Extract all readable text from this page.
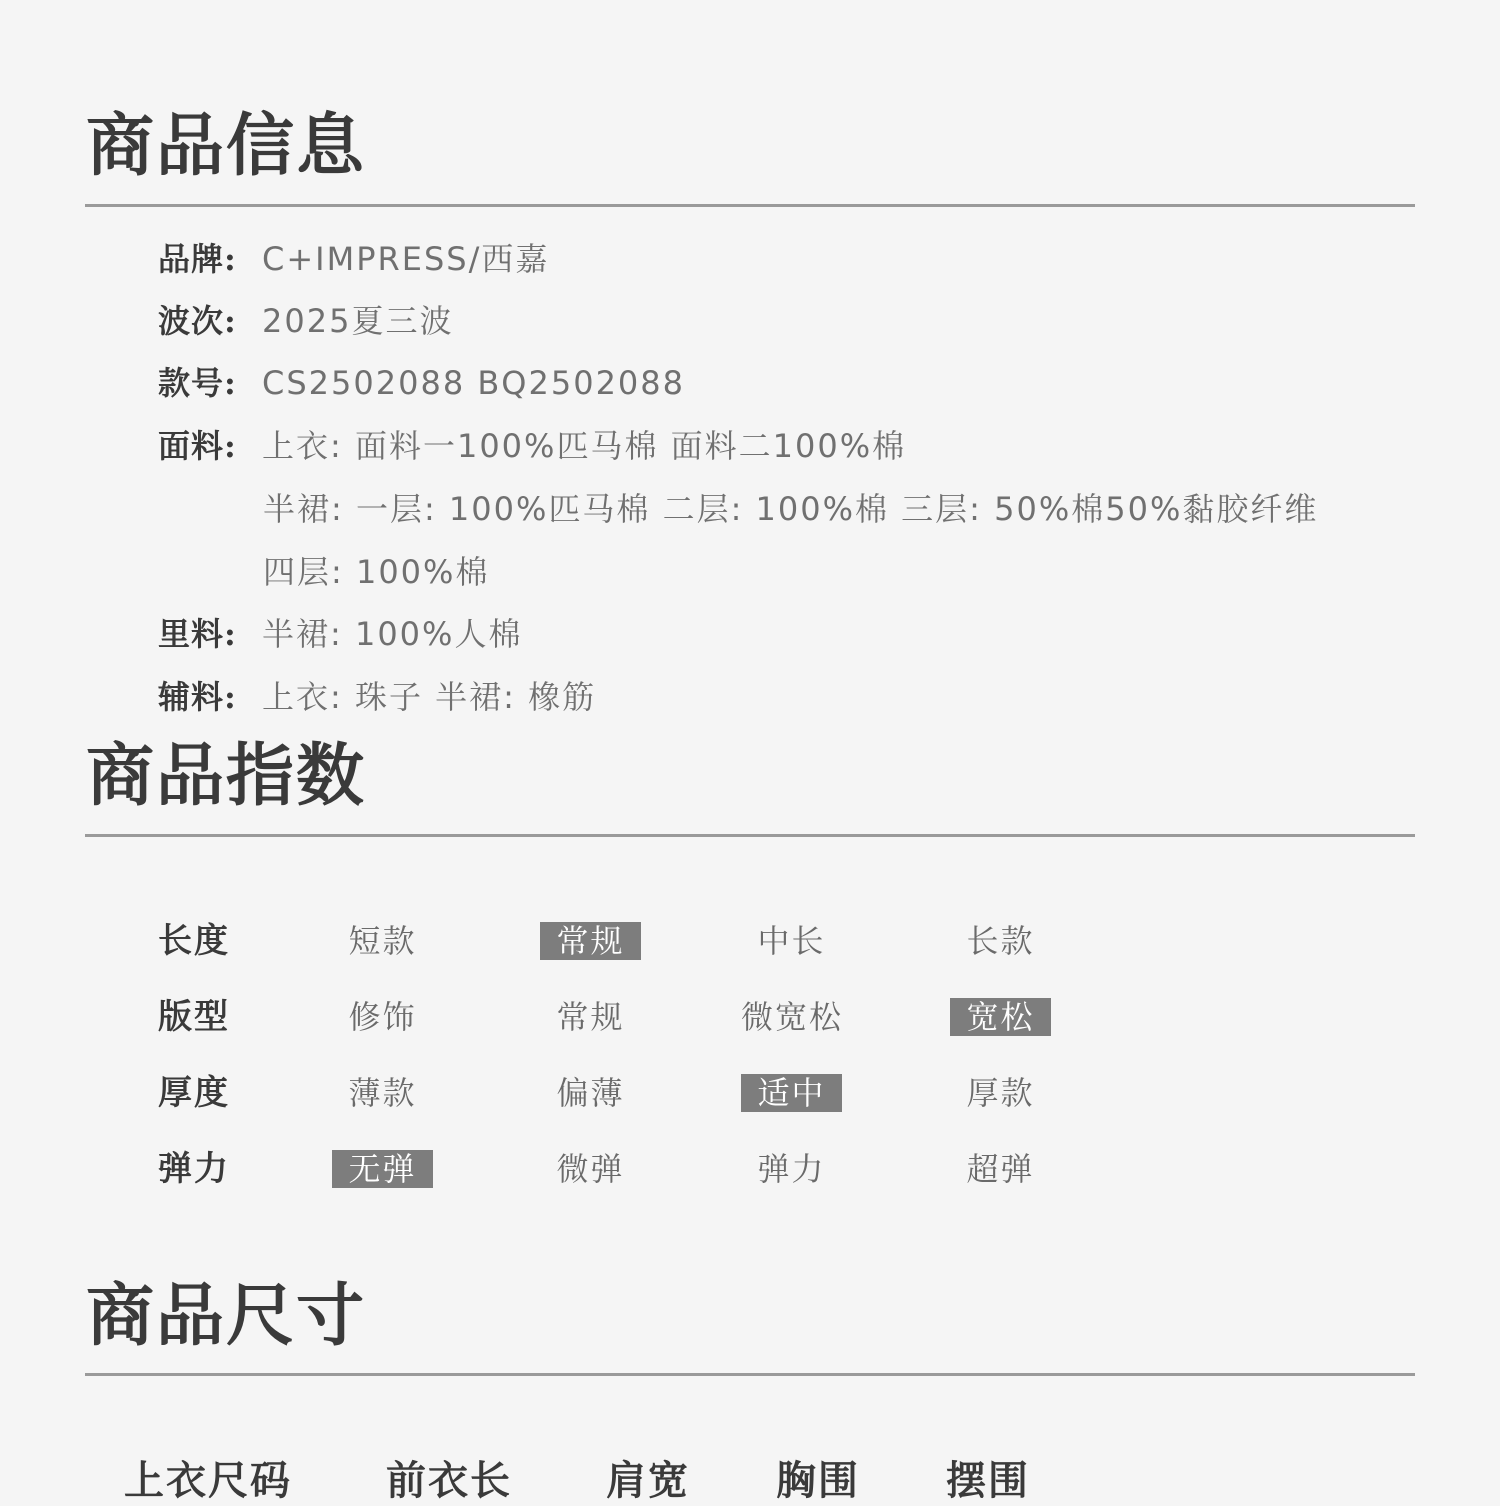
商品信息
品牌: C+IMPRESS/西嘉
波次: 2025夏三波
款号: CS2502088 BQ2502088
面料: 上衣: 面料一100%匹马棉 面料二100%棉
半裙: 一层: 100%匹马棉 二层: 100%棉 三层: 50%棉50%黏胶纤维
四层: 100%棉
里料: 半裙: 100%人棉
辅料: 上衣: 珠子 半裙: 橡筋
商品指数
长度	短款	常规	中长	长款
版型	修饰	常规	微宽松	宽松
厚度	薄款	偏薄	适中	厚款
弹力	无弹	微弹	弹力	超弹
商品尺寸
上衣尺码 前衣长 肩宽 胸围 摆围
